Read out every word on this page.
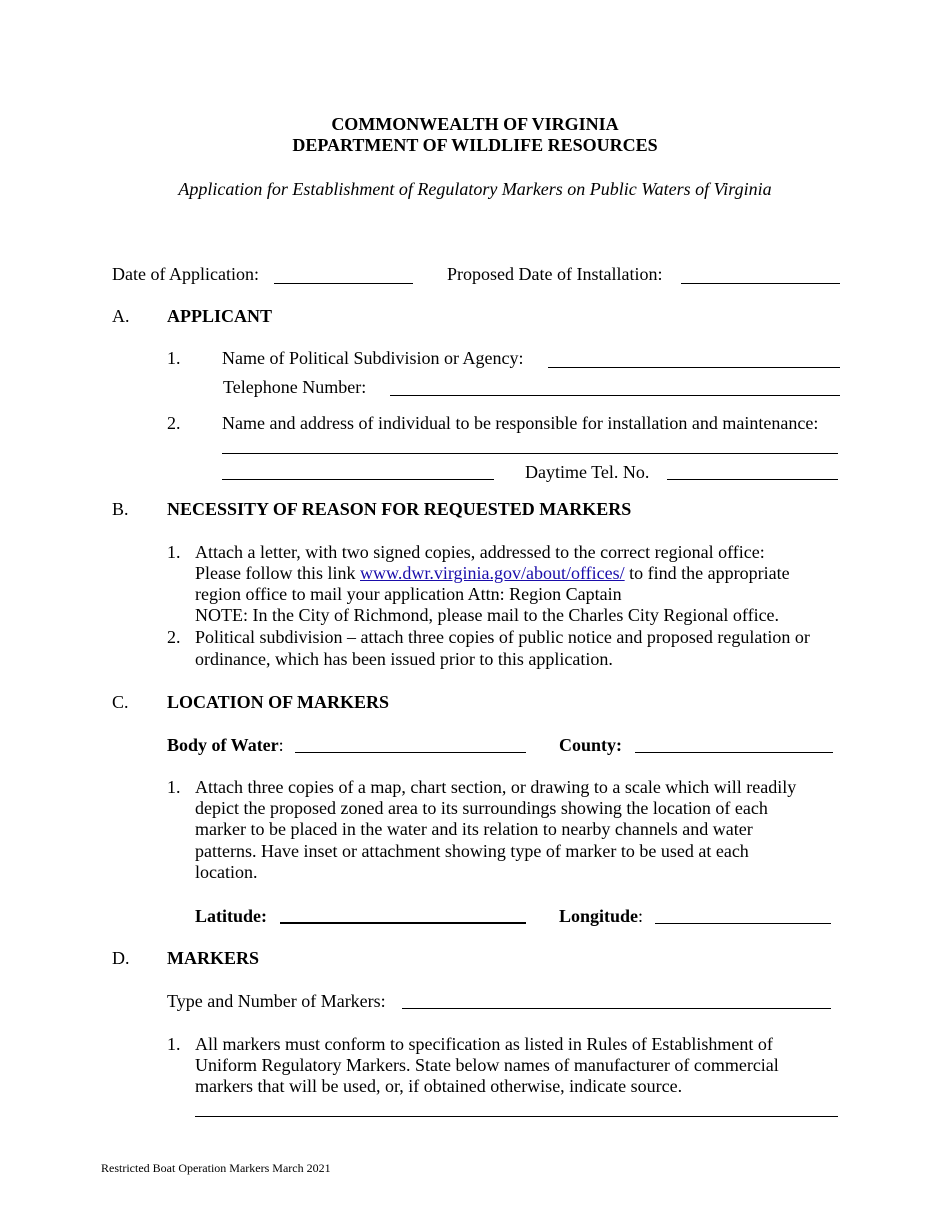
COMMONWEALTH OF VIRGINIA
DEPARTMENT OF WILDLIFE RESOURCES
Application for Establishment of Regulatory Markers on Public Waters of Virginia
Date of Application:	Proposed Date of Installation:
A. APPLICANT
1. Name of Political Subdivision or Agency:
Telephone Number:
2. Name and address of individual to be responsible for installation and maintenance:
Daytime Tel. No.
B. NECESSITY OF REASON FOR REQUESTED MARKERS
1. Attach a letter, with two signed copies, addressed to the correct regional office:
Please follow this link www.dwr.virginia.gov/about/offices/ to find the appropriate
region office to mail your application Attn: Region Captain
NOTE: In the City of Richmond, please mail to the Charles City Regional office.
2. Political subdivision – attach three copies of public notice and proposed regulation or
ordinance, which has been issued prior to this application.
C. LOCATION OF MARKERS
Body of Water:	County:
1. Attach three copies of a map, chart section, or drawing to a scale which will readily
depict the proposed zoned area to its surroundings showing the location of each
marker to be placed in the water and its relation to nearby channels and water
patterns. Have inset or attachment showing type of marker to be used at each
location.
Latitude:	Longitude:
D. MARKERS
Type and Number of Markers:
1. All markers must conform to specification as listed in Rules of Establishment of
Uniform Regulatory Markers. State below names of manufacturer of commercial
markers that will be used, or, if obtained otherwise, indicate source.
Restricted Boat Operation Markers March 2021
